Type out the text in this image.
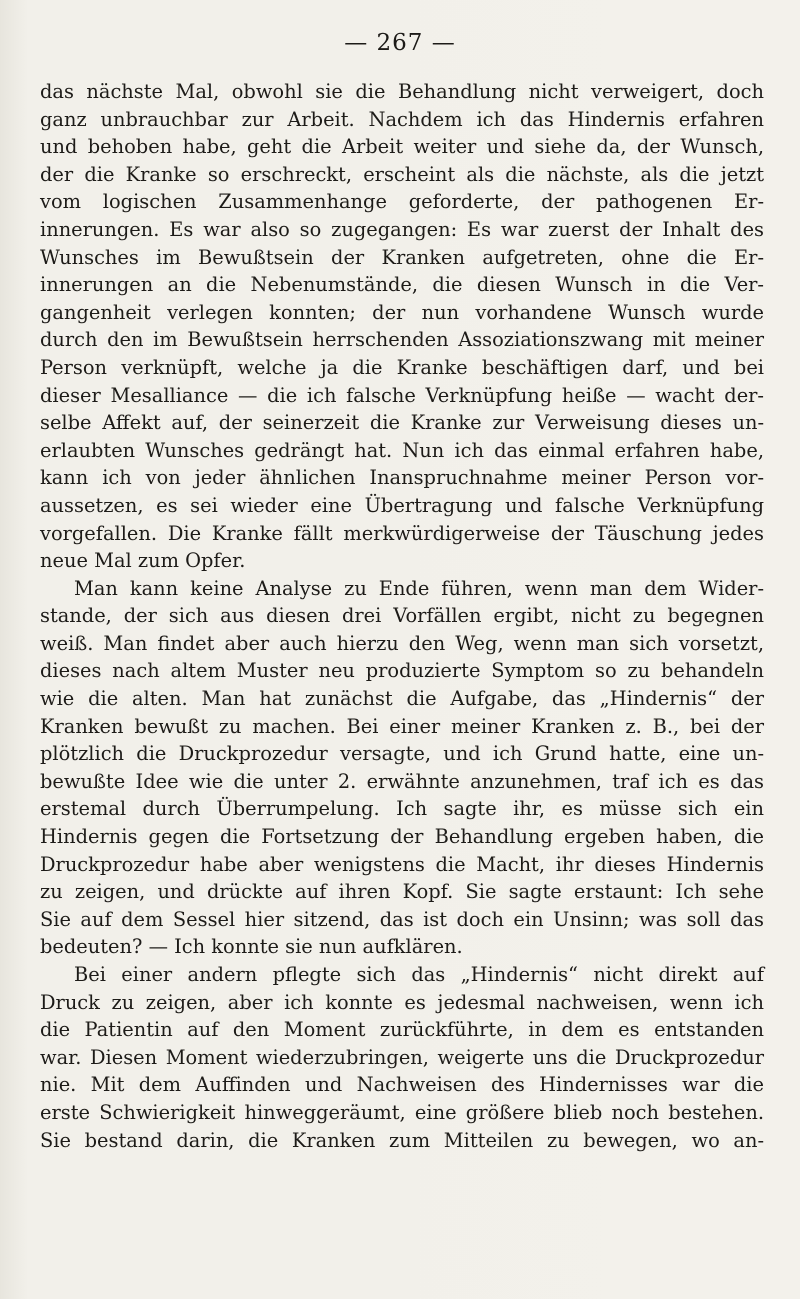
— 267 —
das nächste Mal, obwohl sie die Behandlung nicht verweigert, doch
ganz unbrauchbar zur Arbeit. Nachdem ich das Hindernis erfahren
und behoben habe, geht die Arbeit weiter und siehe da, der Wunsch,
der die Kranke so erschreckt, erscheint als die nächste, als die jetzt
vom logischen Zusammenhange geforderte, der pathogenen Er-
innerungen. Es war also so zugegangen: Es war zuerst der Inhalt des
Wunsches im Bewußtsein der Kranken aufgetreten, ohne die Er-
innerungen an die Nebenumstände, die diesen Wunsch in die Ver-
gangenheit verlegen konnten; der nun vorhandene Wunsch wurde
durch den im Bewußtsein herrschenden Assoziationszwang mit meiner
Person verknüpft, welche ja die Kranke beschäftigen darf, und bei
dieser Mesalliance — die ich falsche Verknüpfung heiße — wacht der-
selbe Affekt auf, der seinerzeit die Kranke zur Verweisung dieses un-
erlaubten Wunsches gedrängt hat. Nun ich das einmal erfahren habe,
kann ich von jeder ähnlichen Inanspruchnahme meiner Person vor-
aussetzen, es sei wieder eine Übertragung und falsche Verknüpfung
vorgefallen. Die Kranke fällt merkwürdigerweise der Täuschung jedes
neue Mal zum Opfer.
Man kann keine Analyse zu Ende führen, wenn man dem Wider-
stande, der sich aus diesen drei Vorfällen ergibt, nicht zu begegnen
weiß. Man findet aber auch hierzu den Weg, wenn man sich vorsetzt,
dieses nach altem Muster neu produzierte Symptom so zu behandeln
wie die alten. Man hat zunächst die Aufgabe, das „Hindernis“ der
Kranken bewußt zu machen. Bei einer meiner Kranken z. B., bei der
plötzlich die Druckprozedur versagte, und ich Grund hatte, eine un-
bewußte Idee wie die unter 2. erwähnte anzunehmen, traf ich es das
erstemal durch Überrumpelung. Ich sagte ihr, es müsse sich ein
Hindernis gegen die Fortsetzung der Behandlung ergeben haben, die
Druckprozedur habe aber wenigstens die Macht, ihr dieses Hindernis
zu zeigen, und drückte auf ihren Kopf. Sie sagte erstaunt: Ich sehe
Sie auf dem Sessel hier sitzend, das ist doch ein Unsinn; was soll das
bedeuten? — Ich konnte sie nun aufklären.
Bei einer andern pflegte sich das „Hindernis“ nicht direkt auf
Druck zu zeigen, aber ich konnte es jedesmal nachweisen, wenn ich
die Patientin auf den Moment zurückführte, in dem es entstanden
war. Diesen Moment wiederzubringen, weigerte uns die Druckprozedur
nie. Mit dem Auffinden und Nachweisen des Hindernisses war die
erste Schwierigkeit hinweggeräumt, eine größere blieb noch bestehen.
Sie bestand darin, die Kranken zum Mitteilen zu bewegen, wo an-
